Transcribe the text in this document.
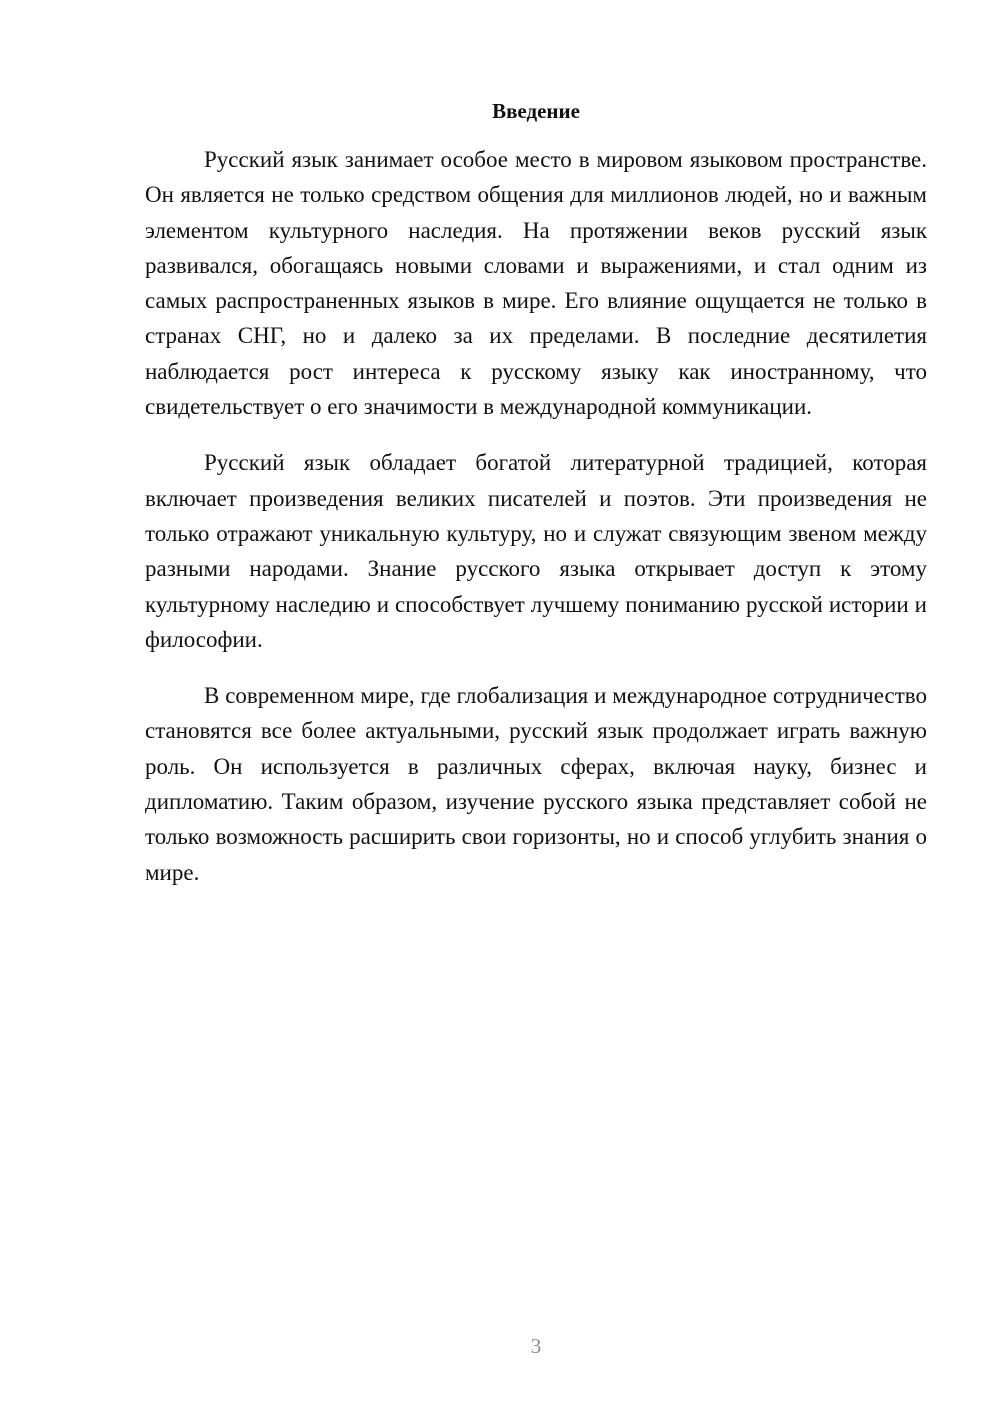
Введение

Русский язык занимает особое место в мировом языковом пространстве. Он является не только средством общения для миллионов людей, но и важным элементом культурного наследия. На протяжении веков русский язык развивался, обогащаясь новыми словами и выражениями, и стал одним из самых распространенных языков в мире. Его влияние ощущается не только в странах СНГ, но и далеко за их пределами. В последние десятилетия наблюдается рост интереса к русскому языку как иностранному, что свидетельствует о его значимости в международной коммуникации.

Русский язык обладает богатой литературной традицией, которая включает произведения великих писателей и поэтов. Эти произведения не только отражают уникальную культуру, но и служат связующим звеном между разными народами. Знание русского языка открывает доступ к этому культурному наследию и способствует лучшему пониманию русской истории и философии.

В современном мире, где глобализация и международное сотрудничество становятся все более актуальными, русский язык продолжает играть важную роль. Он используется в различных сферах, включая науку, бизнес и дипломатию. Таким образом, изучение русского языка представляет собой не только возможность расширить свои горизонты, но и способ углубить знания о мире.

3
